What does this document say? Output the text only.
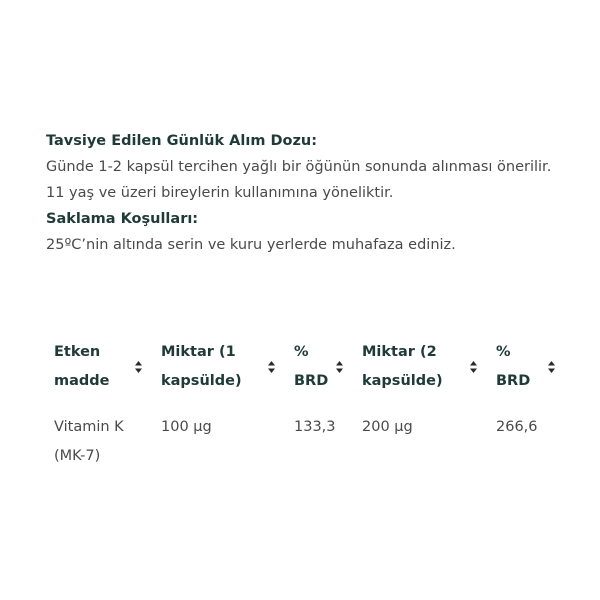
Tavsiye Edilen Günlük Alım Dozu:

Günde 1-2 kapsül tercihen yağlı bir öğünün sonunda alınması önerilir.

11 yaş ve üzeri bireylerin kullanımına yöneliktir.

Saklama Koşulları:

25ºC’nin altında serin ve kuru yerlerde muhafaza ediniz.

Etken madde	Miktar (1 kapsülde)	% BRD	Miktar (2 kapsülde)	% BRD

Vitamin K (MK-7)	100 µg	133,3	200 µg	266,6
